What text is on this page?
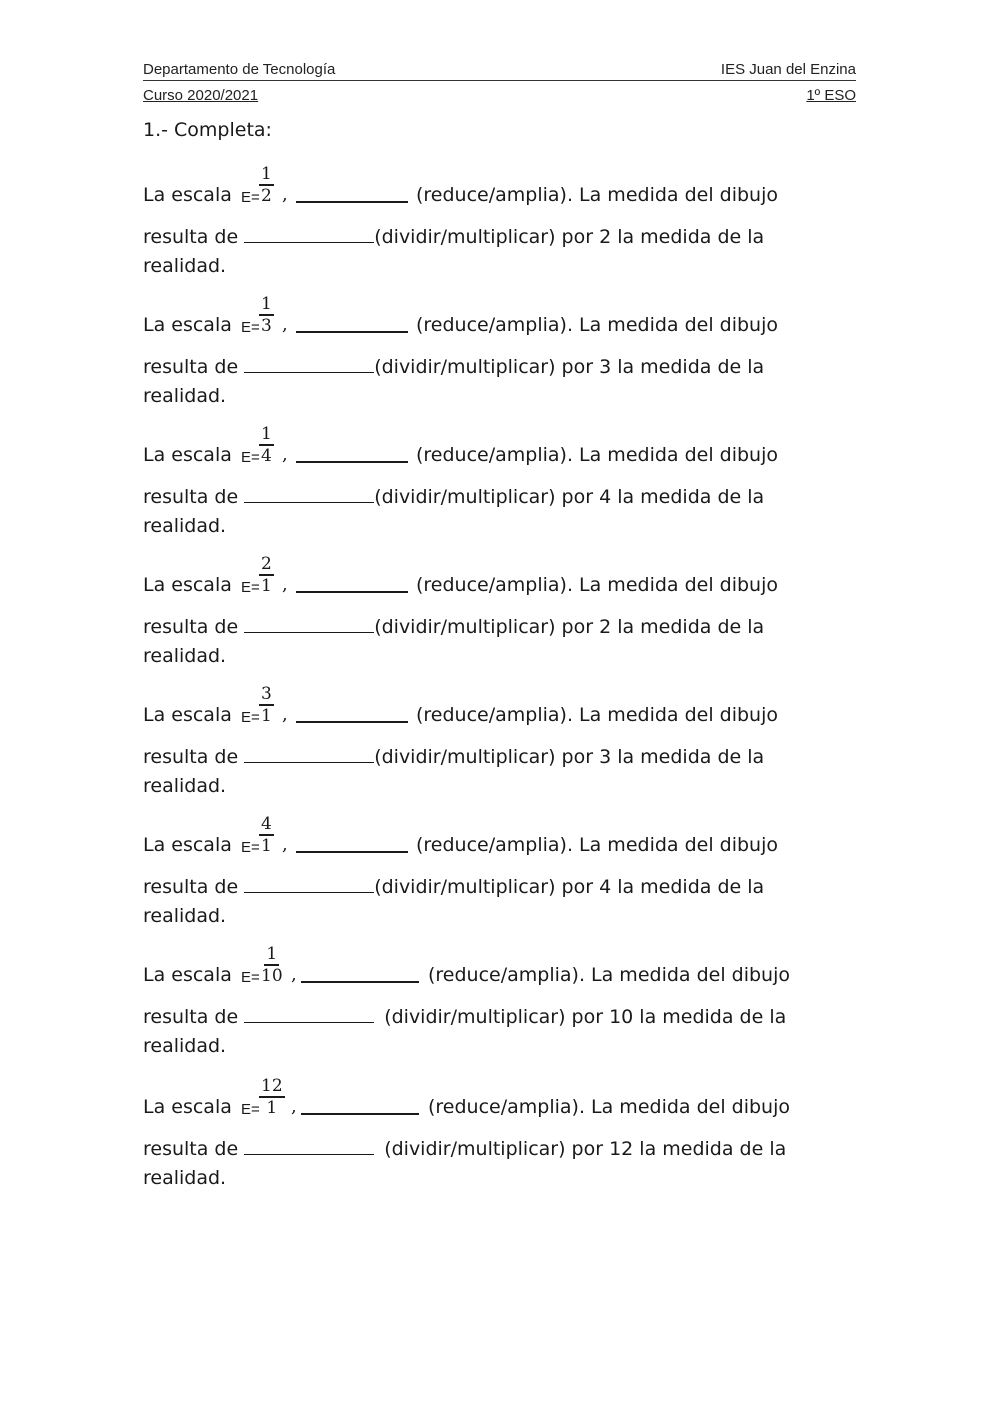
Departamento de Tecnología	IES Juan del Enzina
Curso 2020/2021	1º ESO
1.- Completa:
La escala $E= \frac{1}{2}$ ,	(reduce/amplia). La medida del dibujo
resulta de	(dividir/multiplicar) por 2 la medida de la
realidad.
La escala $E= \frac{1}{3}$ ,	(reduce/amplia). La medida del dibujo
resulta de	(dividir/multiplicar) por 3 la medida de la
realidad.
La escala $E= \frac{1}{4}$ ,	(reduce/amplia). La medida del dibujo
resulta de	(dividir/multiplicar) por 4 la medida de la
realidad.
La escala $E= \frac{2}{1}$ ,	(reduce/amplia). La medida del dibujo
resulta de	(dividir/multiplicar) por 2 la medida de la
realidad.
La escala $E= \frac{3}{1}$ ,	(reduce/amplia). La medida del dibujo
resulta de	(dividir/multiplicar) por 3 la medida de la
realidad.
La escala $E= \frac{4}{1}$ ,	(reduce/amplia). La medida del dibujo
resulta de	(dividir/multiplicar) por 4 la medida de la
realidad.
La escala $E= \frac{1}{10}$ ,	(reduce/amplia). La medida del dibujo
resulta de	(dividir/multiplicar) por 10 la medida de la
realidad.
La escala $E= \frac{12}{1}$ ,	(reduce/amplia). La medida del dibujo
resulta de	(dividir/multiplicar) por 12 la medida de la
realidad.
